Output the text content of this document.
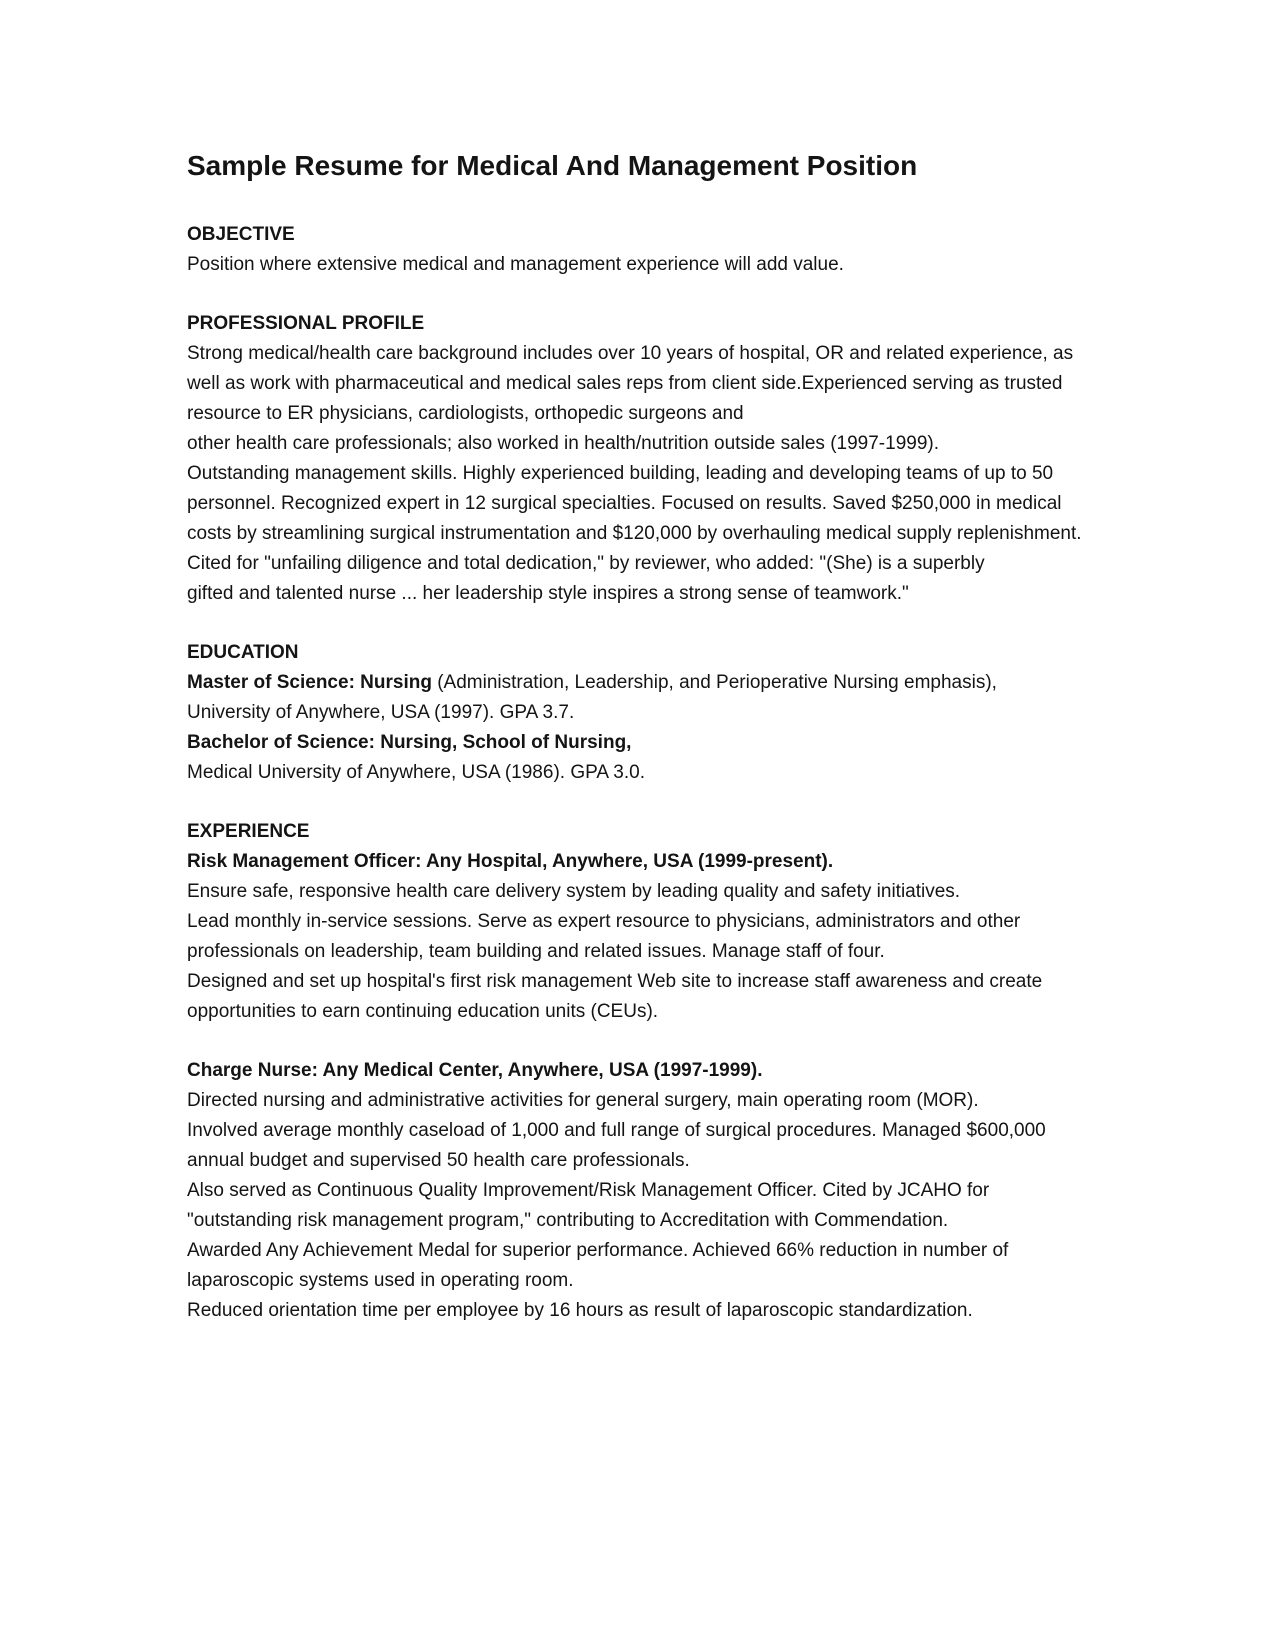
Sample Resume for Medical And Management Position
OBJECTIVE
Position where extensive medical and management experience will add value.
PROFESSIONAL PROFILE
Strong medical/health care background includes over 10 years of hospital, OR and related experience, as
well as work with pharmaceutical and medical sales reps from client side.Experienced serving as trusted
resource to ER physicians, cardiologists, orthopedic surgeons and
other health care professionals; also worked in health/nutrition outside sales (1997-1999).
Outstanding management skills. Highly experienced building, leading and developing teams of up to 50
personnel. Recognized expert in 12 surgical specialties. Focused on results. Saved $250,000 in medical
costs by streamlining surgical instrumentation and $120,000 by overhauling medical supply replenishment.
Cited for "unfailing diligence and total dedication," by reviewer, who added: "(She) is a superbly
gifted and talented nurse ... her leadership style inspires a strong sense of teamwork."
EDUCATION
Master of Science: Nursing (Administration, Leadership, and Perioperative Nursing emphasis),
University of Anywhere, USA (1997). GPA 3.7.
Bachelor of Science: Nursing, School of Nursing,
Medical University of Anywhere, USA (1986). GPA 3.0.
EXPERIENCE
Risk Management Officer: Any Hospital, Anywhere, USA (1999-present).
Ensure safe, responsive health care delivery system by leading quality and safety initiatives.
Lead monthly in-service sessions. Serve as expert resource to physicians, administrators and other
professionals on leadership, team building and related issues. Manage staff of four.
Designed and set up hospital's first risk management Web site to increase staff awareness and create
opportunities to earn continuing education units (CEUs).
Charge Nurse: Any Medical Center, Anywhere, USA (1997-1999).
Directed nursing and administrative activities for general surgery, main operating room (MOR).
Involved average monthly caseload of 1,000 and full range of surgical procedures. Managed $600,000
annual budget and supervised 50 health care professionals.
Also served as Continuous Quality Improvement/Risk Management Officer. Cited by JCAHO for
"outstanding risk management program," contributing to Accreditation with Commendation.
Awarded Any Achievement Medal for superior performance. Achieved 66% reduction in number of
laparoscopic systems used in operating room.
Reduced orientation time per employee by 16 hours as result of laparoscopic standardization.
